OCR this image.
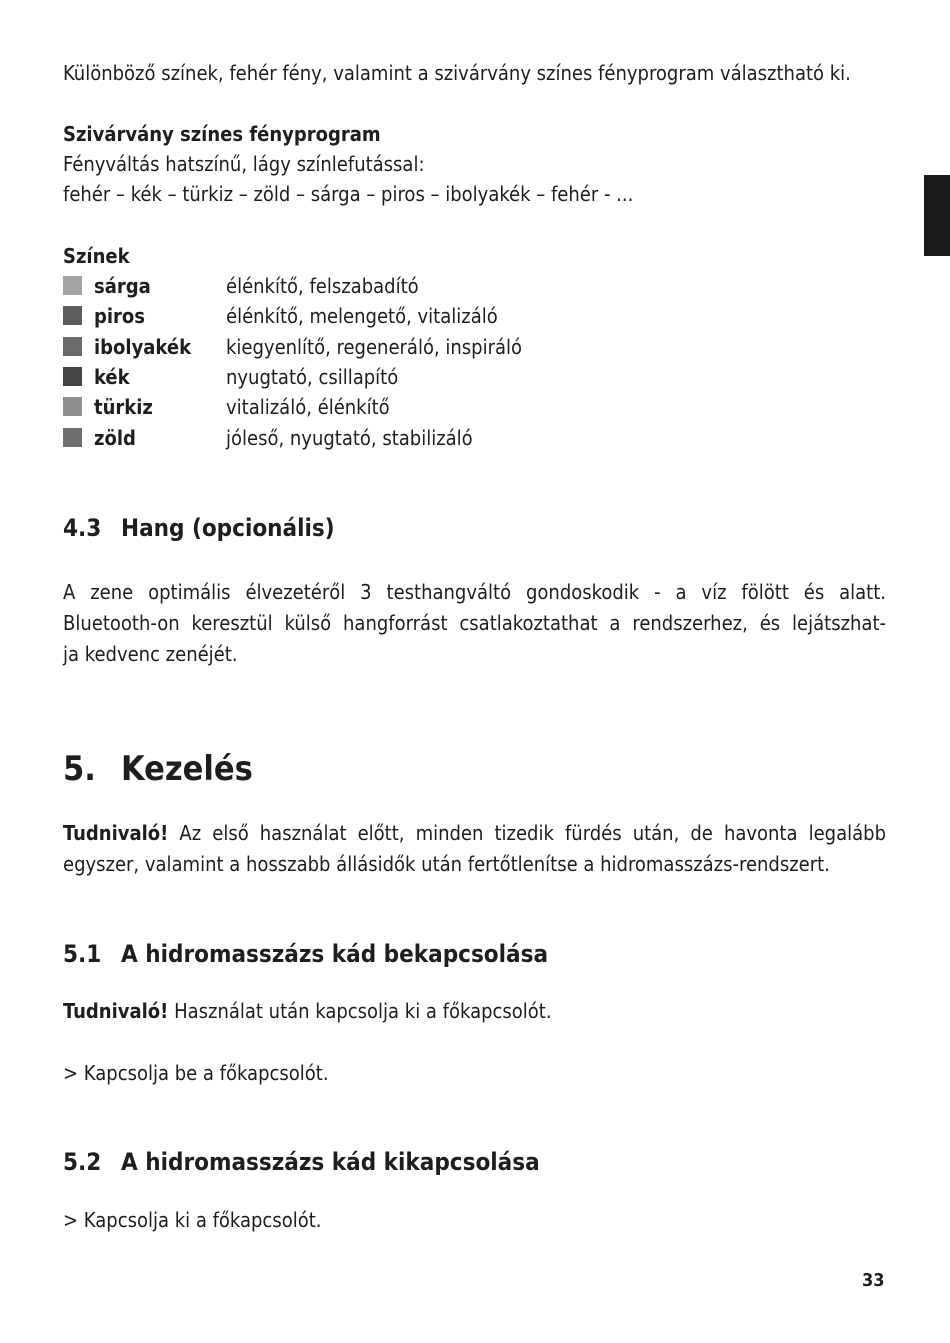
Különböző színek, fehér fény, valamint a szivárvány színes fényprogram választható ki.
Szivárvány színes fényprogram
Fényváltás hatszínű, lágy színlefutással:
fehér – kék – türkiz – zöld – sárga – piros – ibolyakék – fehér - ...
Színek
sárga	élénkítő, felszabadító
piros	élénkítő, melengető, vitalizáló
ibolyakék kiegyenlítő, regeneráló, inspiráló
kék	nyugtató, csillapító
türkiz	vitalizáló, élénkítő
zöld	jóleső, nyugtató, stabilizáló
4.3 Hang (opcionális)
A zene optimális élvezetéről 3 testhangváltó gondoskodik - a víz fölött és alatt.
Bluetooth-on keresztül külső hangforrást csatlakoztathat a rendszerhez, és lejátszhat-
ja kedvenc zenéjét.
5. Kezelés
Tudnivaló! Az első használat előtt, minden tizedik fürdés után, de havonta legalább
egyszer, valamint a hosszabb állásidők után fertőtlenítse a hidromasszázs-rendszert.
5.1 A hidromasszázs kád bekapcsolása
Tudnivaló! Használat után kapcsolja ki a főkapcsolót.
> Kapcsolja be a főkapcsolót.
5.2 A hidromasszázs kád kikapcsolása
> Kapcsolja ki a főkapcsolót.
33
